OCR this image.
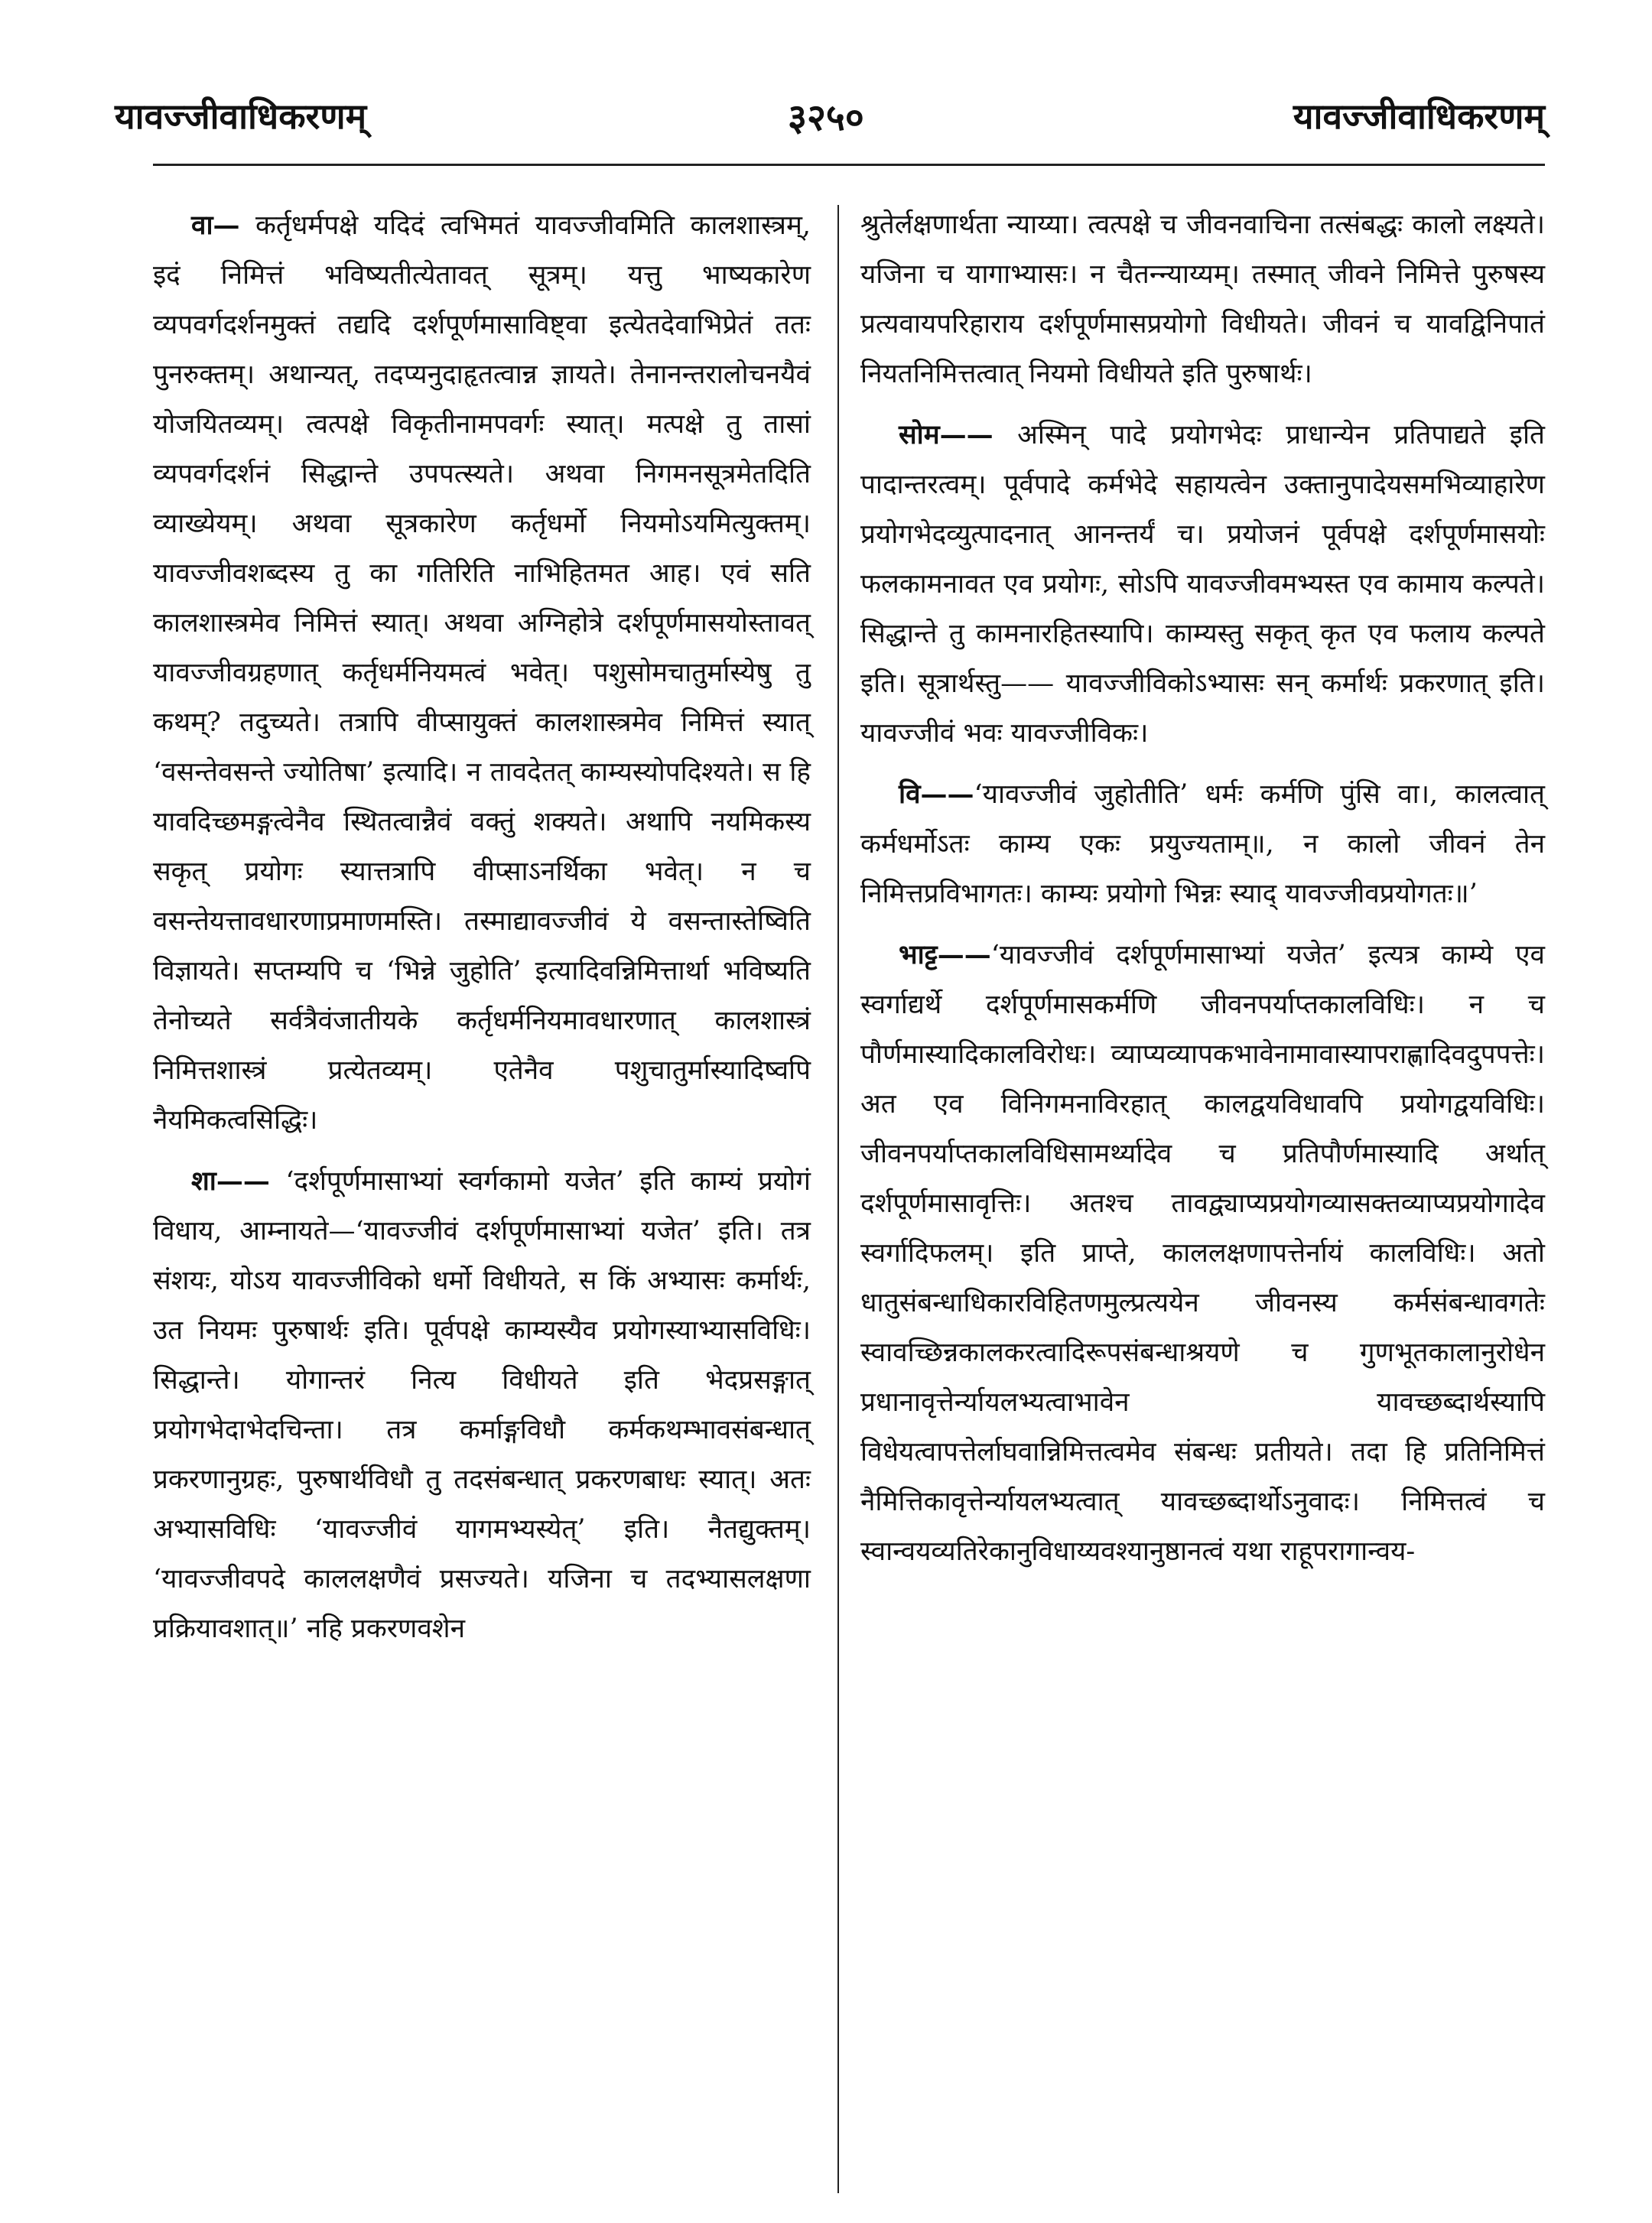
यावज्जीवाधिकरणम्	३२५०	यावज्जीवाधिकरणम्

वा— कर्तृधर्मपक्षे यदिदं त्वभिमतं यावज्जीवमिति कालशास्त्रम्, इदं निमित्तं भविष्यतीत्येतावत् सूत्रम्। यत्तु भाष्यकारेण व्यपवर्गदर्शनमुक्तं तद्यदि दर्शपूर्णमासाविष्ट्वा इत्येतदेवाभिप्रेतं ततः पुनरुक्तम्। अथान्यत्, तदप्यनुदाहृतत्वान्न ज्ञायते। तेनानन्तरालोचनयैवं योजयितव्यम्। त्वत्पक्षे विकृतीनामपवर्गः स्यात्। मत्पक्षे तु तासां व्यपवर्गदर्शनं सिद्धान्ते उपपत्स्यते। अथवा निगमनसूत्रमेतदिति व्याख्येयम्। अथवा सूत्रकारेण कर्तृधर्मो नियमोऽयमित्युक्तम्। यावज्जीवशब्दस्य तु का गतिरिति नाभिहितमत आह। एवं सति कालशास्त्रमेव निमित्तं स्यात्। अथवा अग्निहोत्रे दर्शपूर्णमासयोस्तावत् यावज्जीवग्रहणात् कर्तृधर्मनियमत्वं भवेत्। पशुसोमचातुर्मास्येषु तु कथम्? तदुच्यते। तत्रापि वीप्सायुक्तं कालशास्त्रमेव निमित्तं स्यात् ‘वसन्तेवसन्ते ज्योतिषा’ इत्यादि। न तावदेतत् काम्यस्योपदिश्यते। स हि यावदिच्छमङ्गत्वेनैव स्थितत्वान्नैवं वक्तुं शक्यते। अथापि नयमिकस्य सकृत् प्रयोगः स्यात्तत्रापि वीप्साऽनर्थिका भवेत्। न च वसन्तेयत्तावधारणाप्रमाणमस्ति। तस्माद्यावज्जीवं ये वसन्तास्तेष्विति विज्ञायते। सप्तम्यपि च ‘भिन्ने जुहोति’ इत्यादिवन्निमित्तार्था भविष्यति तेनोच्यते सर्वत्रैवंजातीयके कर्तृधर्मनियमावधारणात् कालशास्त्रं निमित्तशास्त्रं प्रत्येतव्यम्। एतेनैव पशुचातुर्मास्यादिष्वपि नैयमिकत्वसिद्धिः।

शा—— ‘दर्शपूर्णमासाभ्यां स्वर्गकामो यजेत’ इति काम्यं प्रयोगं विधाय, आम्नायते—‘यावज्जीवं दर्शपूर्णमासाभ्यां यजेत’ इति। तत्र संशयः, योऽय यावज्जीविको धर्मो विधीयते, स किं अभ्यासः कर्मार्थः, उत नियमः पुरुषार्थः इति। पूर्वपक्षे काम्यस्यैव प्रयोगस्याभ्यासविधिः। सिद्धान्ते। योगान्तरं नित्य विधीयते इति भेदप्रसङ्गात् प्रयोगभेदाभेदचिन्ता। तत्र कर्माङ्गविधौ कर्मकथम्भावसंबन्धात् प्रकरणानुग्रहः, पुरुषार्थविधौ तु तदसंबन्धात् प्रकरणबाधः स्यात्। अतः अभ्यासविधिः ‘यावज्जीवं यागमभ्यस्येत्’ इति। नैतद्युक्तम्। ‘यावज्जीवपदे काललक्षणैवं प्रसज्यते। यजिना च तदभ्यासलक्षणा प्रक्रियावशात्॥’ नहि प्रकरणवशेन

श्रुतेर्लक्षणार्थता न्याय्या। त्वत्पक्षे च जीवनवाचिना तत्संबद्धः कालो लक्ष्यते। यजिना च यागाभ्यासः। न चैतन्न्याय्यम्। तस्मात् जीवने निमित्ते पुरुषस्य प्रत्यवायपरिहाराय दर्शपूर्णमासप्रयोगो विधीयते। जीवनं च यावद्विनिपातं नियतनिमित्तत्वात् नियमो विधीयते इति पुरुषार्थः।

सोम—— अस्मिन् पादे प्रयोगभेदः प्राधान्येन प्रतिपाद्यते इति पादान्तरत्वम्। पूर्वपादे कर्मभेदे सहायत्वेन उक्तानुपादेयसमभिव्याहारेण प्रयोगभेदव्युत्पादनात् आनन्तर्यं च। प्रयोजनं पूर्वपक्षे दर्शपूर्णमासयोः फलकामनावत एव प्रयोगः, सोऽपि यावज्जीवमभ्यस्त एव कामाय कल्पते। सिद्धान्ते तु कामनारहितस्यापि। काम्यस्तु सकृत् कृत एव फलाय कल्पते इति। सूत्रार्थस्तु—— यावज्जीविकोऽभ्यासः सन् कर्मार्थः प्रकरणात् इति। यावज्जीवं भवः यावज्जीविकः।

वि——‘यावज्जीवं जुहोतीति’ धर्मः कर्मणि पुंसि वा।, कालत्वात् कर्मधर्मोऽतः काम्य एकः प्रयुज्यताम्॥, न कालो जीवनं तेन निमित्तप्रविभागतः। काम्यः प्रयोगो भिन्नः स्याद् यावज्जीवप्रयोगतः॥’

भाट्ट——‘यावज्जीवं दर्शपूर्णमासाभ्यां यजेत’ इत्यत्र काम्ये एव स्वर्गाद्यर्थे दर्शपूर्णमासकर्मणि जीवनपर्याप्तकालविधिः। न च पौर्णमास्यादिकालविरोधः। व्याप्यव्यापकभावेनामावास्यापराह्णादिवदुपपत्तेः। अत एव विनिगमनाविरहात् कालद्वयविधावपि प्रयोगद्वयविधिः। जीवनपर्याप्तकालविधिसामर्थ्यादेव च प्रतिपौर्णमास्यादि अर्थात् दर्शपूर्णमासावृत्तिः। अतश्च तावद्व्याप्यप्रयोगव्यासक्तव्याप्यप्रयोगादेव स्वर्गादिफलम्। इति प्राप्ते, काललक्षणापत्तेर्नायं कालविधिः। अतो धातुसंबन्धाधिकारविहितणमुल्प्रत्ययेन जीवनस्य कर्मसंबन्धावगतेः स्वावच्छिन्नकालकरत्वादिरूपसंबन्धाश्रयणे च गुणभूतकालानुरोधेन प्रधानावृत्तेर्न्यायलभ्यत्वाभावेन यावच्छब्दार्थस्यापि विधेयत्वापत्तेर्लाघवान्निमित्तत्वमेव संबन्धः प्रतीयते। तदा हि प्रतिनिमित्तं नैमित्तिकावृत्तेर्न्यायलभ्यत्वात् यावच्छब्दार्थोऽनुवादः। निमित्तत्वं च स्वान्वयव्यतिरेकानुविधाय्यवश्यानुष्ठानत्वं यथा राहूपरागान्वय-
